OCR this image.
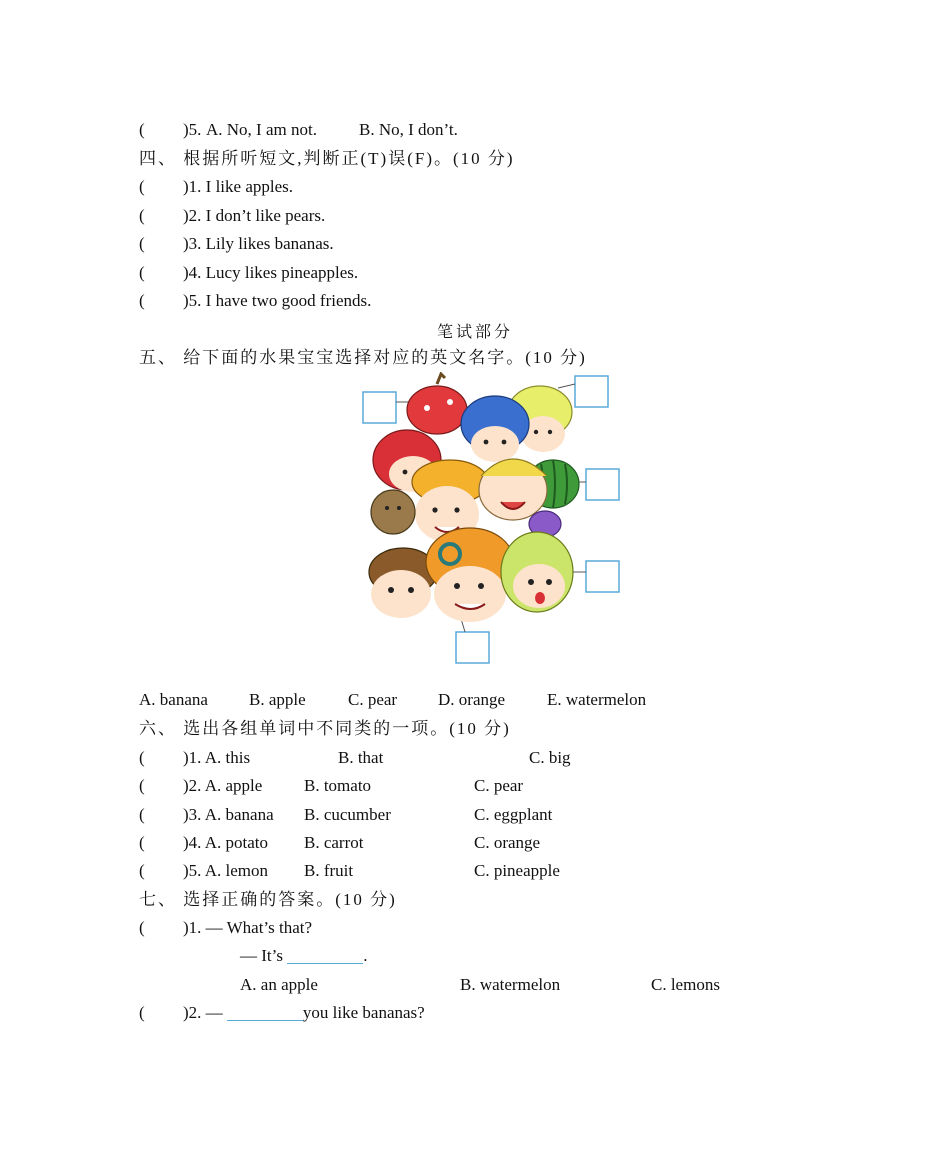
( )5. A. No, I am not. B. No, I don’t.
四、 根据所听短文,判断正(T)误(F)。(10 分)
( )1. I like apples.
( )2. I don’t like pears.
( )3. Lily likes bananas.
( )4. Lucy likes pineapples.
( )5. I have two good friends.
笔试部分
五、 给下面的水果宝宝选择对应的英文名字。(10 分)
A. banana B. apple C. pear D. orange E. watermelon
六、 选出各组单词中不同类的一项。(10 分)
( )1. A. this	B. that	C. big
( )2. A. apple B. tomato	C. pear
( )3. A. banana B. cucumber	C. eggplant
( )4. A. potato B. carrot	C. orange
( )5. A. lemon B. fruit	C. pineapple
七、 选择正确的答案。(10 分)
( )1. — What’s that?
— It’s	.
A. an apple	B. watermelon	C. lemons
( )2. —	you like bananas?
